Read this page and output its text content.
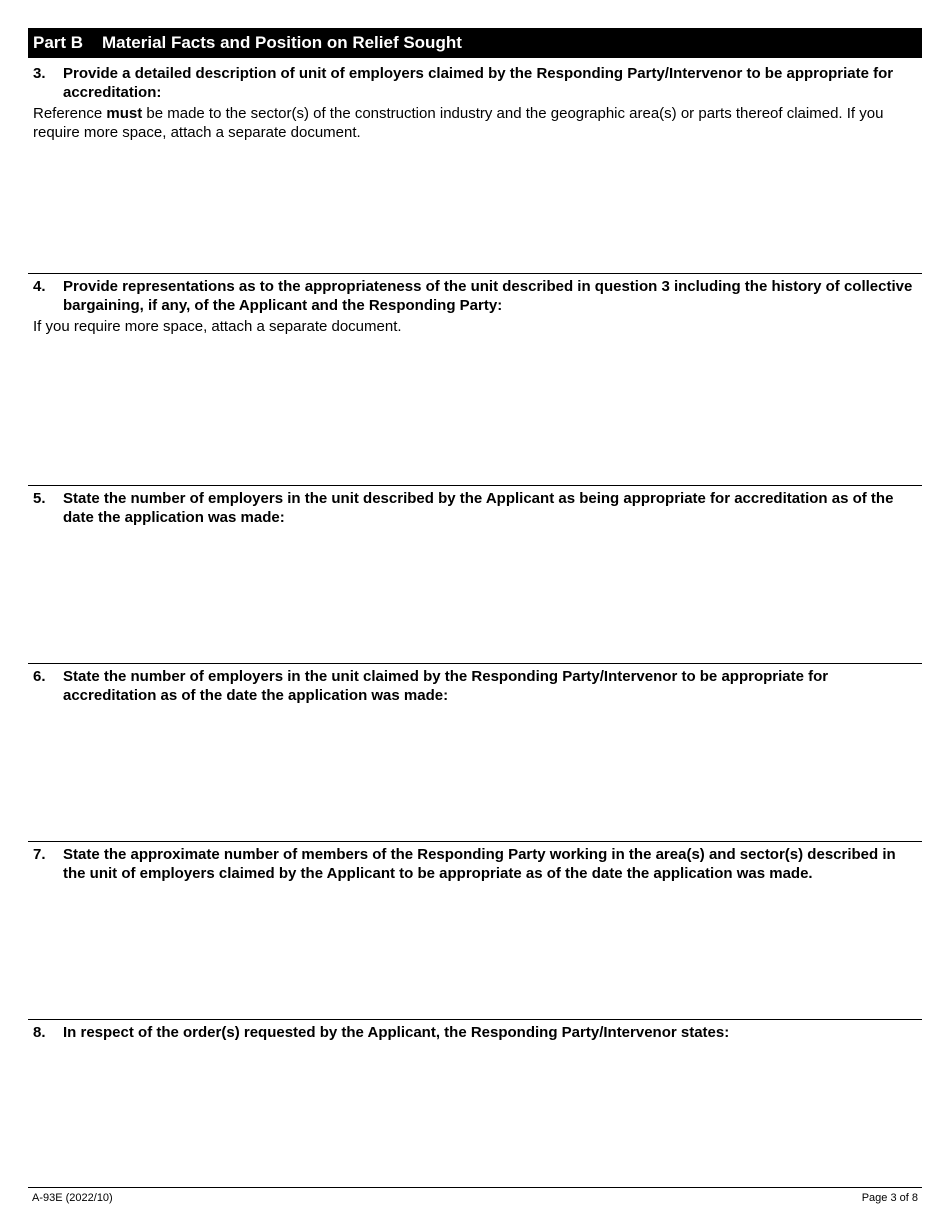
Part B Material Facts and Position on Relief Sought
3. Provide a detailed description of unit of employers claimed by the Responding Party/Intervenor to be appropriate for accreditation:
Reference must be made to the sector(s) of the construction industry and the geographic area(s) or parts thereof claimed. If you require more space, attach a separate document.
4. Provide representations as to the appropriateness of the unit described in question 3 including the history of collective bargaining, if any, of the Applicant and the Responding Party:
If you require more space, attach a separate document.
5. State the number of employers in the unit described by the Applicant as being appropriate for accreditation as of the date the application was made:
6. State the number of employers in the unit claimed by the Responding Party/Intervenor to be appropriate for accreditation as of the date the application was made:
7. State the approximate number of members of the Responding Party working in the area(s) and sector(s) described in the unit of employers claimed by the Applicant to be appropriate as of the date the application was made.
8. In respect of the order(s) requested by the Applicant, the Responding Party/Intervenor states:
A-93E (2022/10)	Page 3 of 8
